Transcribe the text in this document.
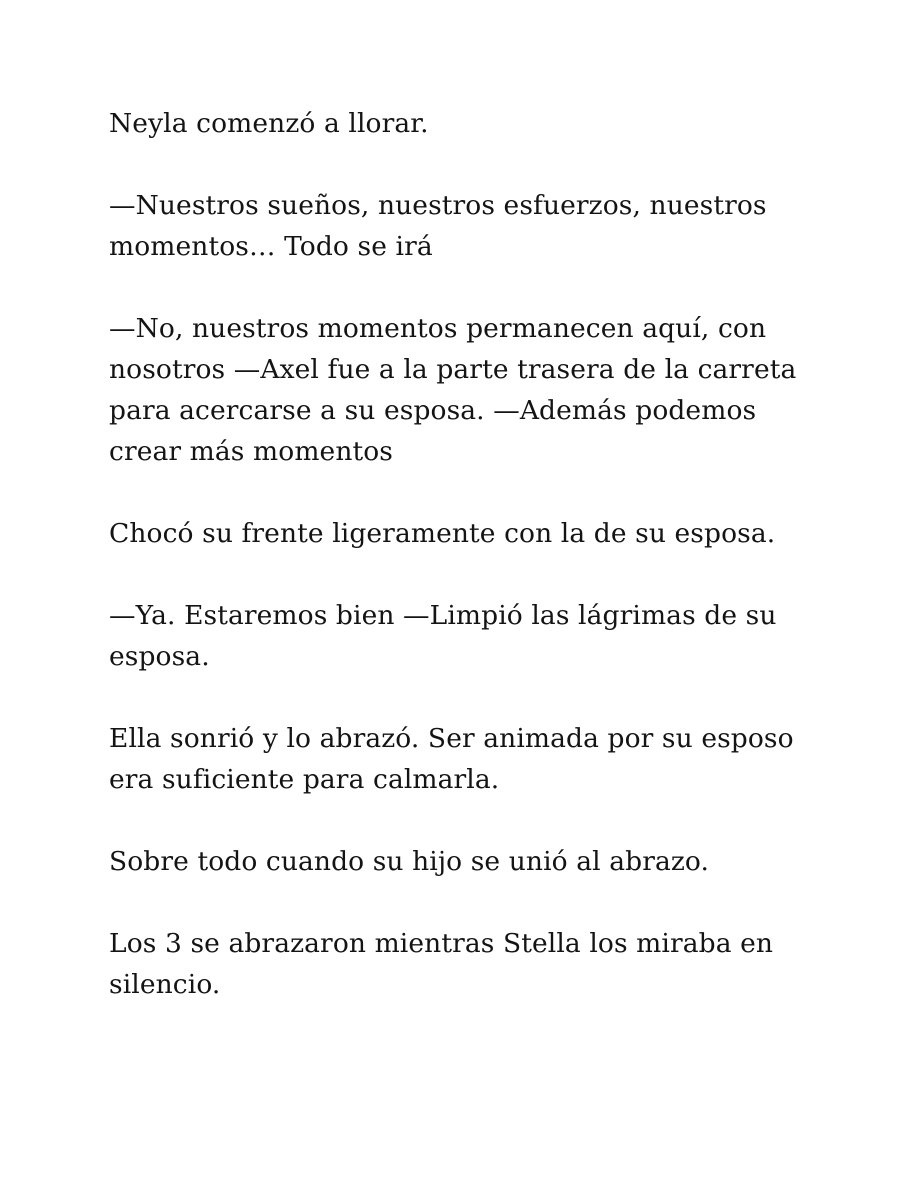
Neyla comenzó a llorar.

—Nuestros sueños, nuestros esfuerzos, nuestros momentos… Todo se irá

—No, nuestros momentos permanecen aquí, con nosotros —Axel fue a la parte trasera de la carreta para acercarse a su esposa. —Además podemos crear más momentos

Chocó su frente ligeramente con la de su esposa.

—Ya. Estaremos bien —Limpió las lágrimas de su esposa.

Ella sonrió y lo abrazó. Ser animada por su esposo era suficiente para calmarla.

Sobre todo cuando su hijo se unió al abrazo.

Los 3 se abrazaron mientras Stella los miraba en silencio.
